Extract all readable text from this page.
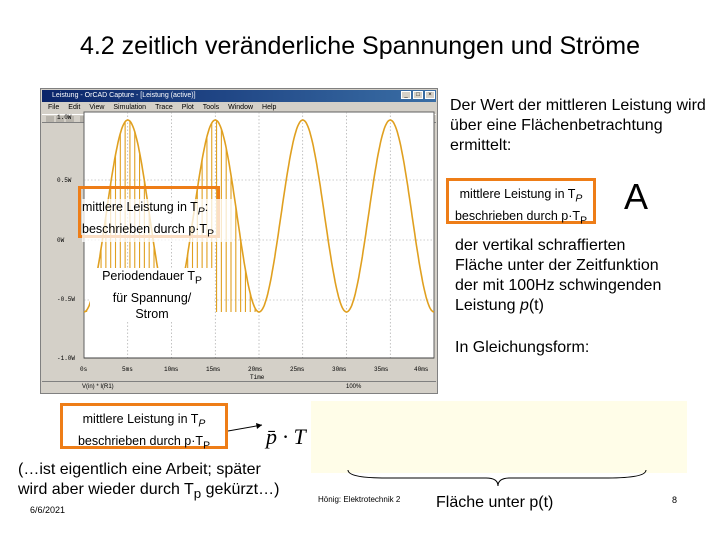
4.2 zeitlich veränderliche Spannungen und Ströme
Leistung - OrCAD Capture - [Leistung (active)]	_	□	×
File Edit View Simulation Trace Plot Tools Window Help
1.0W
0.5W
0W
-0.5W
-1.0W
0s	5ms	10ms	15ms	20ms	25ms	30ms	35ms	40ms
Time
V(in) * I(R1)	100%
mittlere Leistung in $T_P$:
beschrieben durch $p\cdot T_P$
Periodendauer $T_P$
für Spannung/
Strom
Der Wert der mittleren Leistung wird über eine Flächenbetrachtung ermittelt:
mittlere Leistung in $T_P$
beschrieben durch $p\cdot T_P$
A
der vertikal schraffierten
Fläche unter der Zeitfunktion
der mit 100Hz schwingenden
Leistung p(t)
In Gleichungsform:
mittlere Leistung in $T_P$
beschrieben durch $p\cdot T_P$	p̄ · T
(…ist eigentlich eine Arbeit; später
wird aber wieder durch $T_p$ gekürzt…)
6/6/2021
Hönig: Elektrotechnik 2 Fläche unter p(t)	8
